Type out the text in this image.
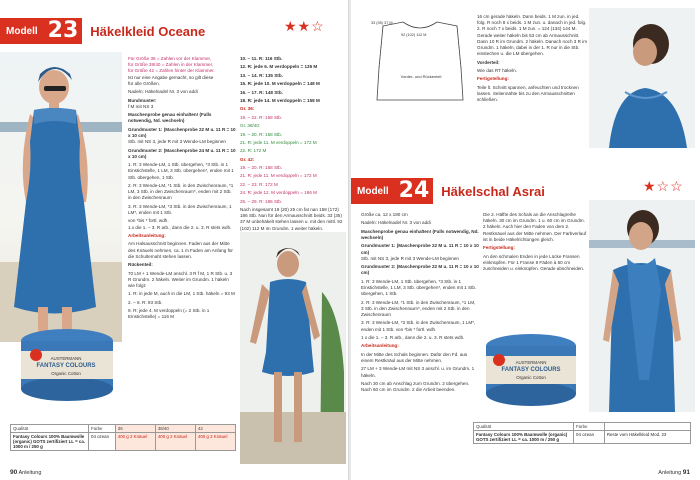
Modell 23 Häkelkleid Oceane	★★☆
AUSTERMANN
FANTASY COLOURS
Organic Cotton

Für Größe 36 = Zahlen vor der Klammer,
für Größe 38/40 = Zahlen in der Klammer,
für Größe 42 = Zahlen hinter der Klammer.
Ist nur eine Angabe gemacht, so gilt diese
für alle Größen.

Nadeln: Häkelnadel Nr. 3 von addi

Bundmuster:
f M mit NS 3

Maschenprobe genau einhalten! (Falls notwendig, Nd. wechseln)

Grundmuster 1: (Maschenprobe 22 M u. 11 R = 10 x 10 cm)
Stb. mit NS 3, jede R mit 3 Wende-LM beginnen

Grundmuster 2: (Maschenprobe 24 M u. 11 R = 10 x 10 cm)

1. R: 3 Wende-LM, 1 Stb. übergehen, *3 Stb. in 1 Einstichstelle, 1 LM, 3 Stb. übergehen*, enden mit 1 Stb. übergehen, 1 Stb.

2. R: 3 Wende-LM, *1 Stb. in den Zwischenraum, *1 LM, 3 Stb. in den Zwischenraum*, enden mit 2 Stb. in den Zwischenraum

3. R: 3 Wende-LM, *3 Stb. in den Zwischenraum, 1 LM*, enden mit 1 Stb.

von *bis * fortl. wdh.
1.x die 1. – 3. R arb., dann die 2. u. 3. R stets wdh.

Arbeitsanleitung:

Am Halsausschnitt beginnen. Faden aus der Mitte des Knäuels nehmen, ca. 1 m Faden am Anfang für die Schulternaht stehen lassen.

Rückenteil:

70 LM + 1 Wende-LM anschl. 3 R f M, 1 R Stb. u. 3 R Grundm. 2 häkeln. Weiter im Grundm. 1 häkeln wie folgt:

1. R: in jede M, auch in die LM, 1 Stb. häkeln = 93 M

2. – 8. R: 93 Stb.

9. R: jede 4. M verdoppeln (= 2 Stb. in 1 Einstichstelle) = 116 M

10. – 11. R: 116 Stb.

12. R: jede 6. M verdoppeln = 135 M

13. – 14. R: 135 Stb.

15. R: jede 10. M verdoppeln = 148 M

16. – 17. R: 148 Stb.

18. R: jede 14. M verdoppeln = 158 M

Gr. 36:

19. – 22. R: 158 Stb.

Gr. 38/40:

19. – 20. R: 158 Stb.

21. R: jede 11. M verdoppeln = 172 M

22. R: 172 M

Gr. 42:

19. – 20. R: 158 Stb.

21. R: jede 11. M verdoppeln = 172 M

22. – 23. R: 172 M

24. R: jede 12. M verdoppeln = 186 M

25. – 29. R: 186 Stb.

Nach insgesamt 19 (20) 25 cm fat nan 158 (172) 186 Stb. Nun für den Armausschnitt beids. 33 (35) 37 M unbehäkelt stehen lassen u. mit den mittl. 92 (102) 112 M im Grundm. 1 weiter häkeln.

Qualität	Farbe	36	38/40	42
Fantasy Colours 100% Baumwolle (organic) GOTS zertifiziert LL = ca. 1000 m / 250 g	04 ozean	400 g 2 Knäuel	400 g 2 Knäuel	400 g 2 Knäuel
90 Anleitung
Vorder- und Rückenteil
33 (35) 37 M
92 (102) 112 M

16 cm gerade häkeln. Dann beids. 1 M zun. in jed. folg. R noch 8 x beids. 1 M zun. u. danach in jed. folg. 2. R noch 7 x beids. 1 M zun. = 124 (134) 144 M. Gerade weiter häkeln bis 53 cm ab Armausschnitt. Dann 10 R im Grundm. 2 häkeln. Danach noch 3 R im Grundm. 1 häkeln, dabei in der 1. R nur in die Stb. einstechen u. die LM übergehen.

Vorderteil:

Wie das RT häkeln.

Fertigstellung:

Teile lt. Schnitt spannen, anfeuchten und trocknen lassen. Seitennähte bis zu den Armausschnitten schließen.

Modell 24 Häkelschal Asrai	★☆☆

Größe ca. 12 x 180 cm

Nadeln: Häkelnadel Nr. 3 von addi

Maschenprobe genau einhalten! (Falls notwendig, Nd. wechseln)

Grundmuster 1: (Maschenprobe 22 M u. 11 R = 10 x 10 cm)
Stb. mit NS 3, jede R mit 3 Wende-LM beginnen

Grundmuster 2: (Maschenprobe 22 M u. 11 R = 10 x 10 cm)

1. R: 3 Wende-LM, 1 Stb. übergehen, *3 Stb. in 1 Einstichstelle, 1 LM, 3 Stb. übergehen*, enden mit 1 Stb. übergehen, 1 Stb.

2. R: 3 Wende-LM, *1 Stb. in den Zwischenraum, *1 LM, 3 Stb. in den Zwischenraum*, enden mit 2 Stb. in den Zwischenraum

3. R: 3 Wende-LM, *3 Stb. in den Zwischenraum, 1 LM*, enden mit 1 Stb. von *bis * fortl. wdh.

1 x die 1. – 3. R arb., dann die 2. u. 3. R stets wdh.

Arbeitsanleitung:

In der Mitte des Schals beginnen. Dafür den Fd. aus einem Restknäul aus der Mitte nehmen.

27 LM + 3 Wende-LM mit NS 3 anschl. u. im Grundm. 1 häkeln.

Nach 30 cm ab Anschlag zum Grundm. 2 übergehen. Nach 60 cm im Grundm. 2 die Arbeit beenden.

Die 2. Hälfte des Schals an die Anschlagreihe häkeln. 30 cm im Grundm. 1 u. 60 cm im Grundm. 2 häkeln. Auch hier den Faden von dem 2. Restknäuel aus der Mitte nehmen. Der Farbverlauf ist in beide Häkelrichtungen gleich.

Fertigstellung:

An den schmalen Enden in jede Lücke Fransen einknüpfen. Für 1 Franse 8 Fäden à 50 cm zuschneiden u. einknüpfen. Gerade abschneiden.

AUSTERMANN
FANTASY COLOURS
Organic Cotton
Qualität	Farbe	
Fantasy Colours 100% Baumwolle (organic) GOTS zertifiziert LL = ca. 1000 m / 250 g	04 ozean	Reste vom Häkelkleid Mod. 23
Anleitung 91
